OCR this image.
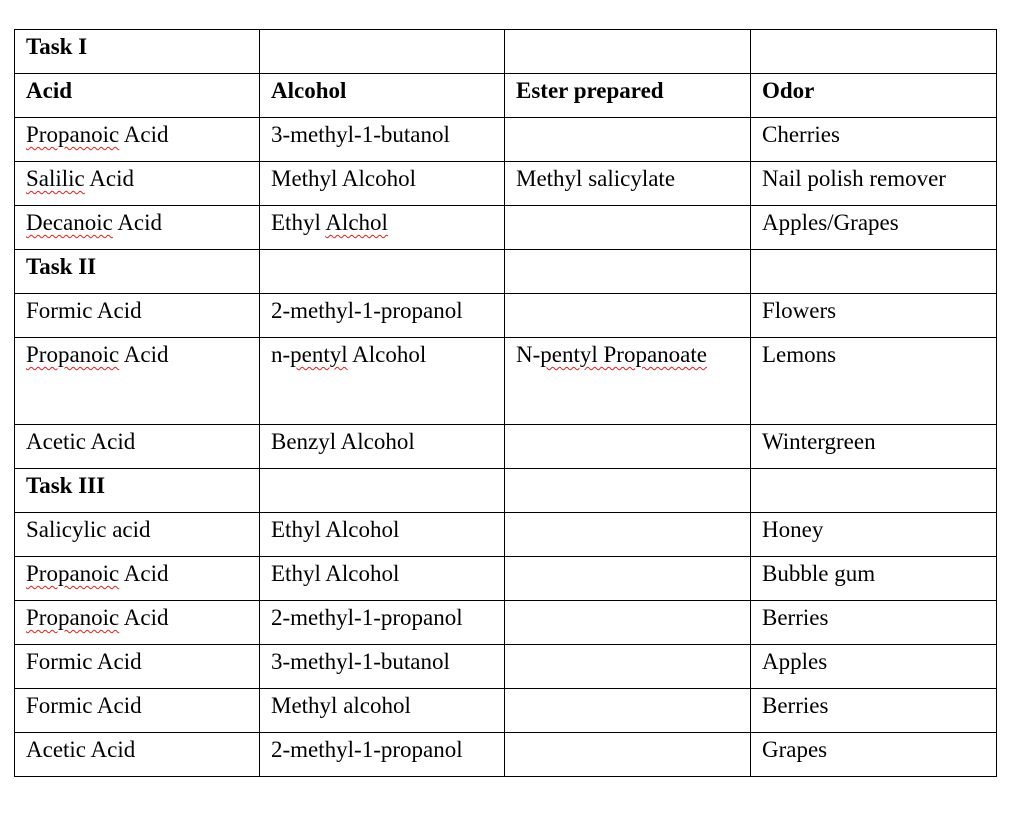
Task I			
Acid	Alcohol	Ester prepared	Odor
Propanoic Acid	3-methyl-1-butanol		Cherries
Salilic Acid	Methyl Alcohol	Methyl salicylate	Nail polish remover
Decanoic Acid	Ethyl Alchol		Apples/Grapes
Task II			
Formic Acid	2-methyl-1-propanol		Flowers
Propanoic Acid	n-pentyl Alcohol	N-pentyl Propanoate	Lemons
Acetic Acid	Benzyl Alcohol		Wintergreen
Task III			
Salicylic acid	Ethyl Alcohol		Honey
Propanoic Acid	Ethyl Alcohol		Bubble gum
Propanoic Acid	2-methyl-1-propanol		Berries
Formic Acid	3-methyl-1-butanol		Apples
Formic Acid	Methyl alcohol		Berries
Acetic Acid	2-methyl-1-propanol		Grapes
